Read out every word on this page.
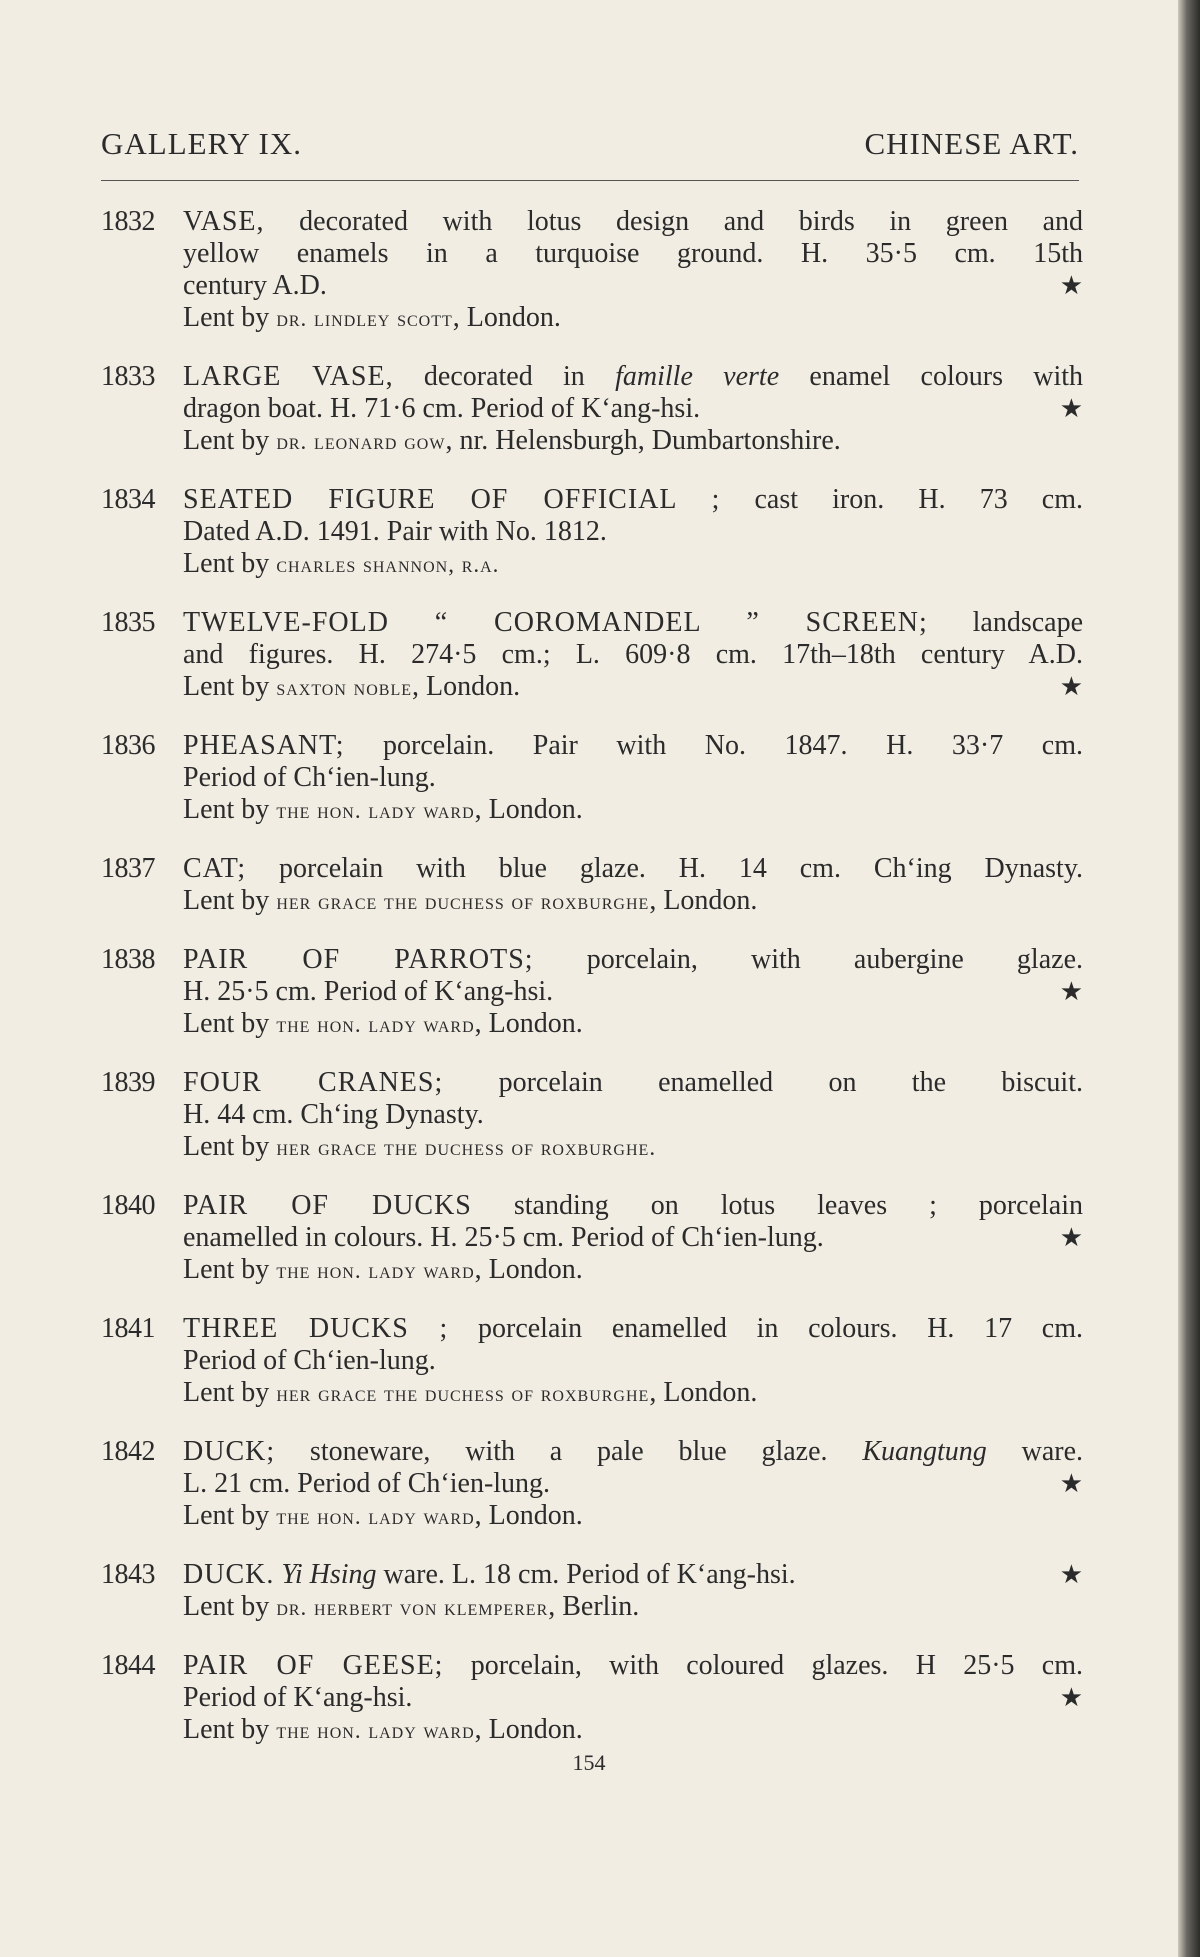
GALLERY IX.	CHINESE ART.
1832	VASE, decorated with lotus design and birds in green and
yellow enamels in a turquoise ground. H. 35·5 cm. 15th
century A.D.	★
Lent by dr. lindley scott, London.
1833	LARGE VASE, decorated in famille verte enamel colours with
dragon boat. H. 71·6 cm. Period of K‘ang-hsi.	★
Lent by dr. leonard gow, nr. Helensburgh, Dumbartonshire.
1834	SEATED FIGURE OF OFFICIAL ; cast iron. H. 73 cm.
Dated A.D. 1491. Pair with No. 1812.
Lent by charles shannon, r.a.
1835	TWELVE-FOLD “ COROMANDEL ” SCREEN; landscape
and figures. H. 274·5 cm.; L. 609·8 cm. 17th–18th century A.D.
Lent by saxton noble, London.	★
1836	PHEASANT; porcelain. Pair with No. 1847. H. 33·7 cm.
Period of Ch‘ien-lung.
Lent by the hon. lady ward, London.
1837	CAT; porcelain with blue glaze. H. 14 cm. Ch‘ing Dynasty.
Lent by her grace the duchess of roxburghe, London.
1838	PAIR OF PARROTS; porcelain, with aubergine glaze.
H. 25·5 cm. Period of K‘ang-hsi.	★
Lent by the hon. lady ward, London.
1839	FOUR CRANES; porcelain enamelled on the biscuit.
H. 44 cm. Ch‘ing Dynasty.
Lent by her grace the duchess of roxburghe.
1840	PAIR OF DUCKS standing on lotus leaves ; porcelain
enamelled in colours. H. 25·5 cm. Period of Ch‘ien-lung.	★
Lent by the hon. lady ward, London.
1841	THREE DUCKS ; porcelain enamelled in colours. H. 17 cm.
Period of Ch‘ien-lung.
Lent by her grace the duchess of roxburghe, London.
1842	DUCK; stoneware, with a pale blue glaze. Kuangtung ware.
L. 21 cm. Period of Ch‘ien-lung.	★
Lent by the hon. lady ward, London.
1843	DUCK. Yi Hsing ware. L. 18 cm. Period of K‘ang-hsi.	★
Lent by dr. herbert von klemperer, Berlin.
1844	PAIR OF GEESE; porcelain, with coloured glazes. H 25·5 cm.
Period of K‘ang-hsi.	★
Lent by the hon. lady ward, London.
154
